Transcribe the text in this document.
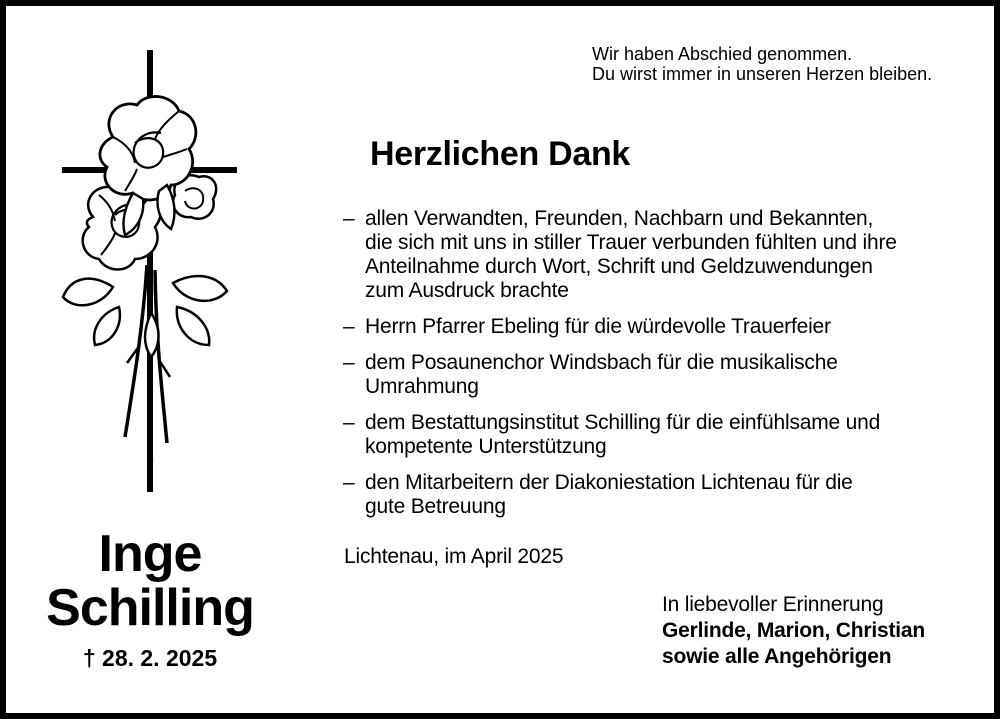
Wir haben Abschied genommen.
Du wirst immer in unseren Herzen bleiben.
Herzlichen Dank
– allen Verwandten, Freunden, Nachbarn und Bekannten,
die sich mit uns in stiller Trauer verbunden fühlten und ihre
Anteilnahme durch Wort, Schrift und Geldzuwendungen
zum Ausdruck brachte
– Herrn Pfarrer Ebeling für die würdevolle Trauerfeier
– dem Posaunenchor Windsbach für die musikalische
Umrahmung
– dem Bestattungsinstitut Schilling für die einfühlsame und
kompetente Unterstützung
– den Mitarbeitern der Diakoniestation Lichtenau für die
gute Betreuung
Lichtenau, im April 2025
In liebevoller Erinnerung
Gerlinde, Marion, Christian
sowie alle Angehörigen
Inge
Schilling
† 28. 2. 2025
